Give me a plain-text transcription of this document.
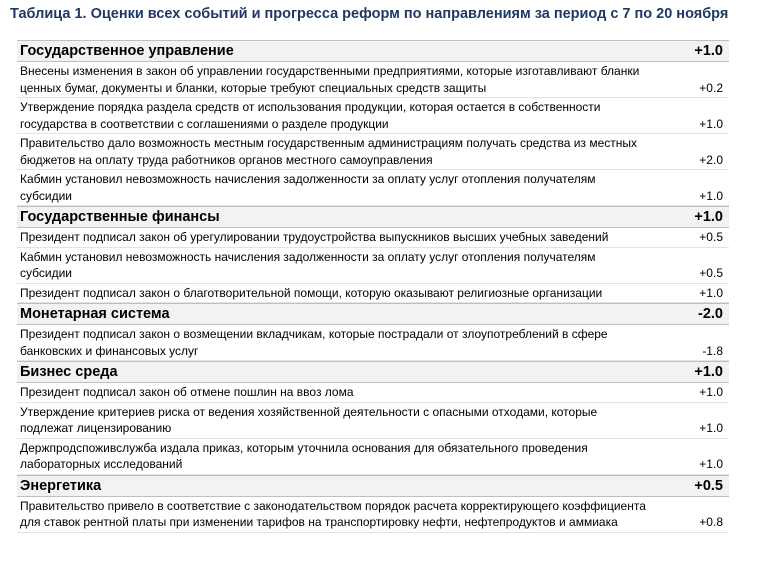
Таблица 1. Оценки всех событий и прогресса реформ по направлениям за период с 7 по 20 ноября
Государственное управление	+1.0
Внесены изменения в закон об управлении государственными предприятиями, которые изготавливают бланки ценных бумаг, документы и бланки, которые требуют специальных средств защиты	+0.2
Утверждение порядка раздела средств от использования продукции, которая остается в собственности государства в соответствии с соглашениями о разделе продукции	+1.0
Правительство дало возможность местным государственным администрациям получать средства из местных бюджетов на оплату труда работников органов местного самоуправления	+2.0
Кабмин установил невозможность начисления задолженности за оплату услуг отопления получателям субсидии	+1.0
Государственные финансы	+1.0
Президент подписал закон об урегулировании трудоустройства выпускников высших учебных заведений	+0.5
Кабмин установил невозможность начисления задолженности за оплату услуг отопления получателям субсидии	+0.5
Президент подписал закон о благотворительной помощи, которую оказывают религиозные организации	+1.0
Монетарная система	-2.0
Президент подписал закон о возмещении вкладчикам, которые пострадали от злоупотреблений в сфере банковских и финансовых услуг	-1.8
Бизнес среда	+1.0
Президент подписал закон об отмене пошлин на ввоз лома	+1.0
Утверждение критериев риска от ведения хозяйственной деятельности с опасными отходами, которые подлежат лицензированию	+1.0
Держпродспоживслужба издала приказ, которым уточнила основания для обязательного проведения лабораторных исследований	+1.0
Энергетика	+0.5
Правительство привело в соответствие с законодательством порядок расчета корректирующего коэффициента для ставок рентной платы при изменении тарифов на транспортировку нефти, нефтепродуктов и аммиака	+0.8
